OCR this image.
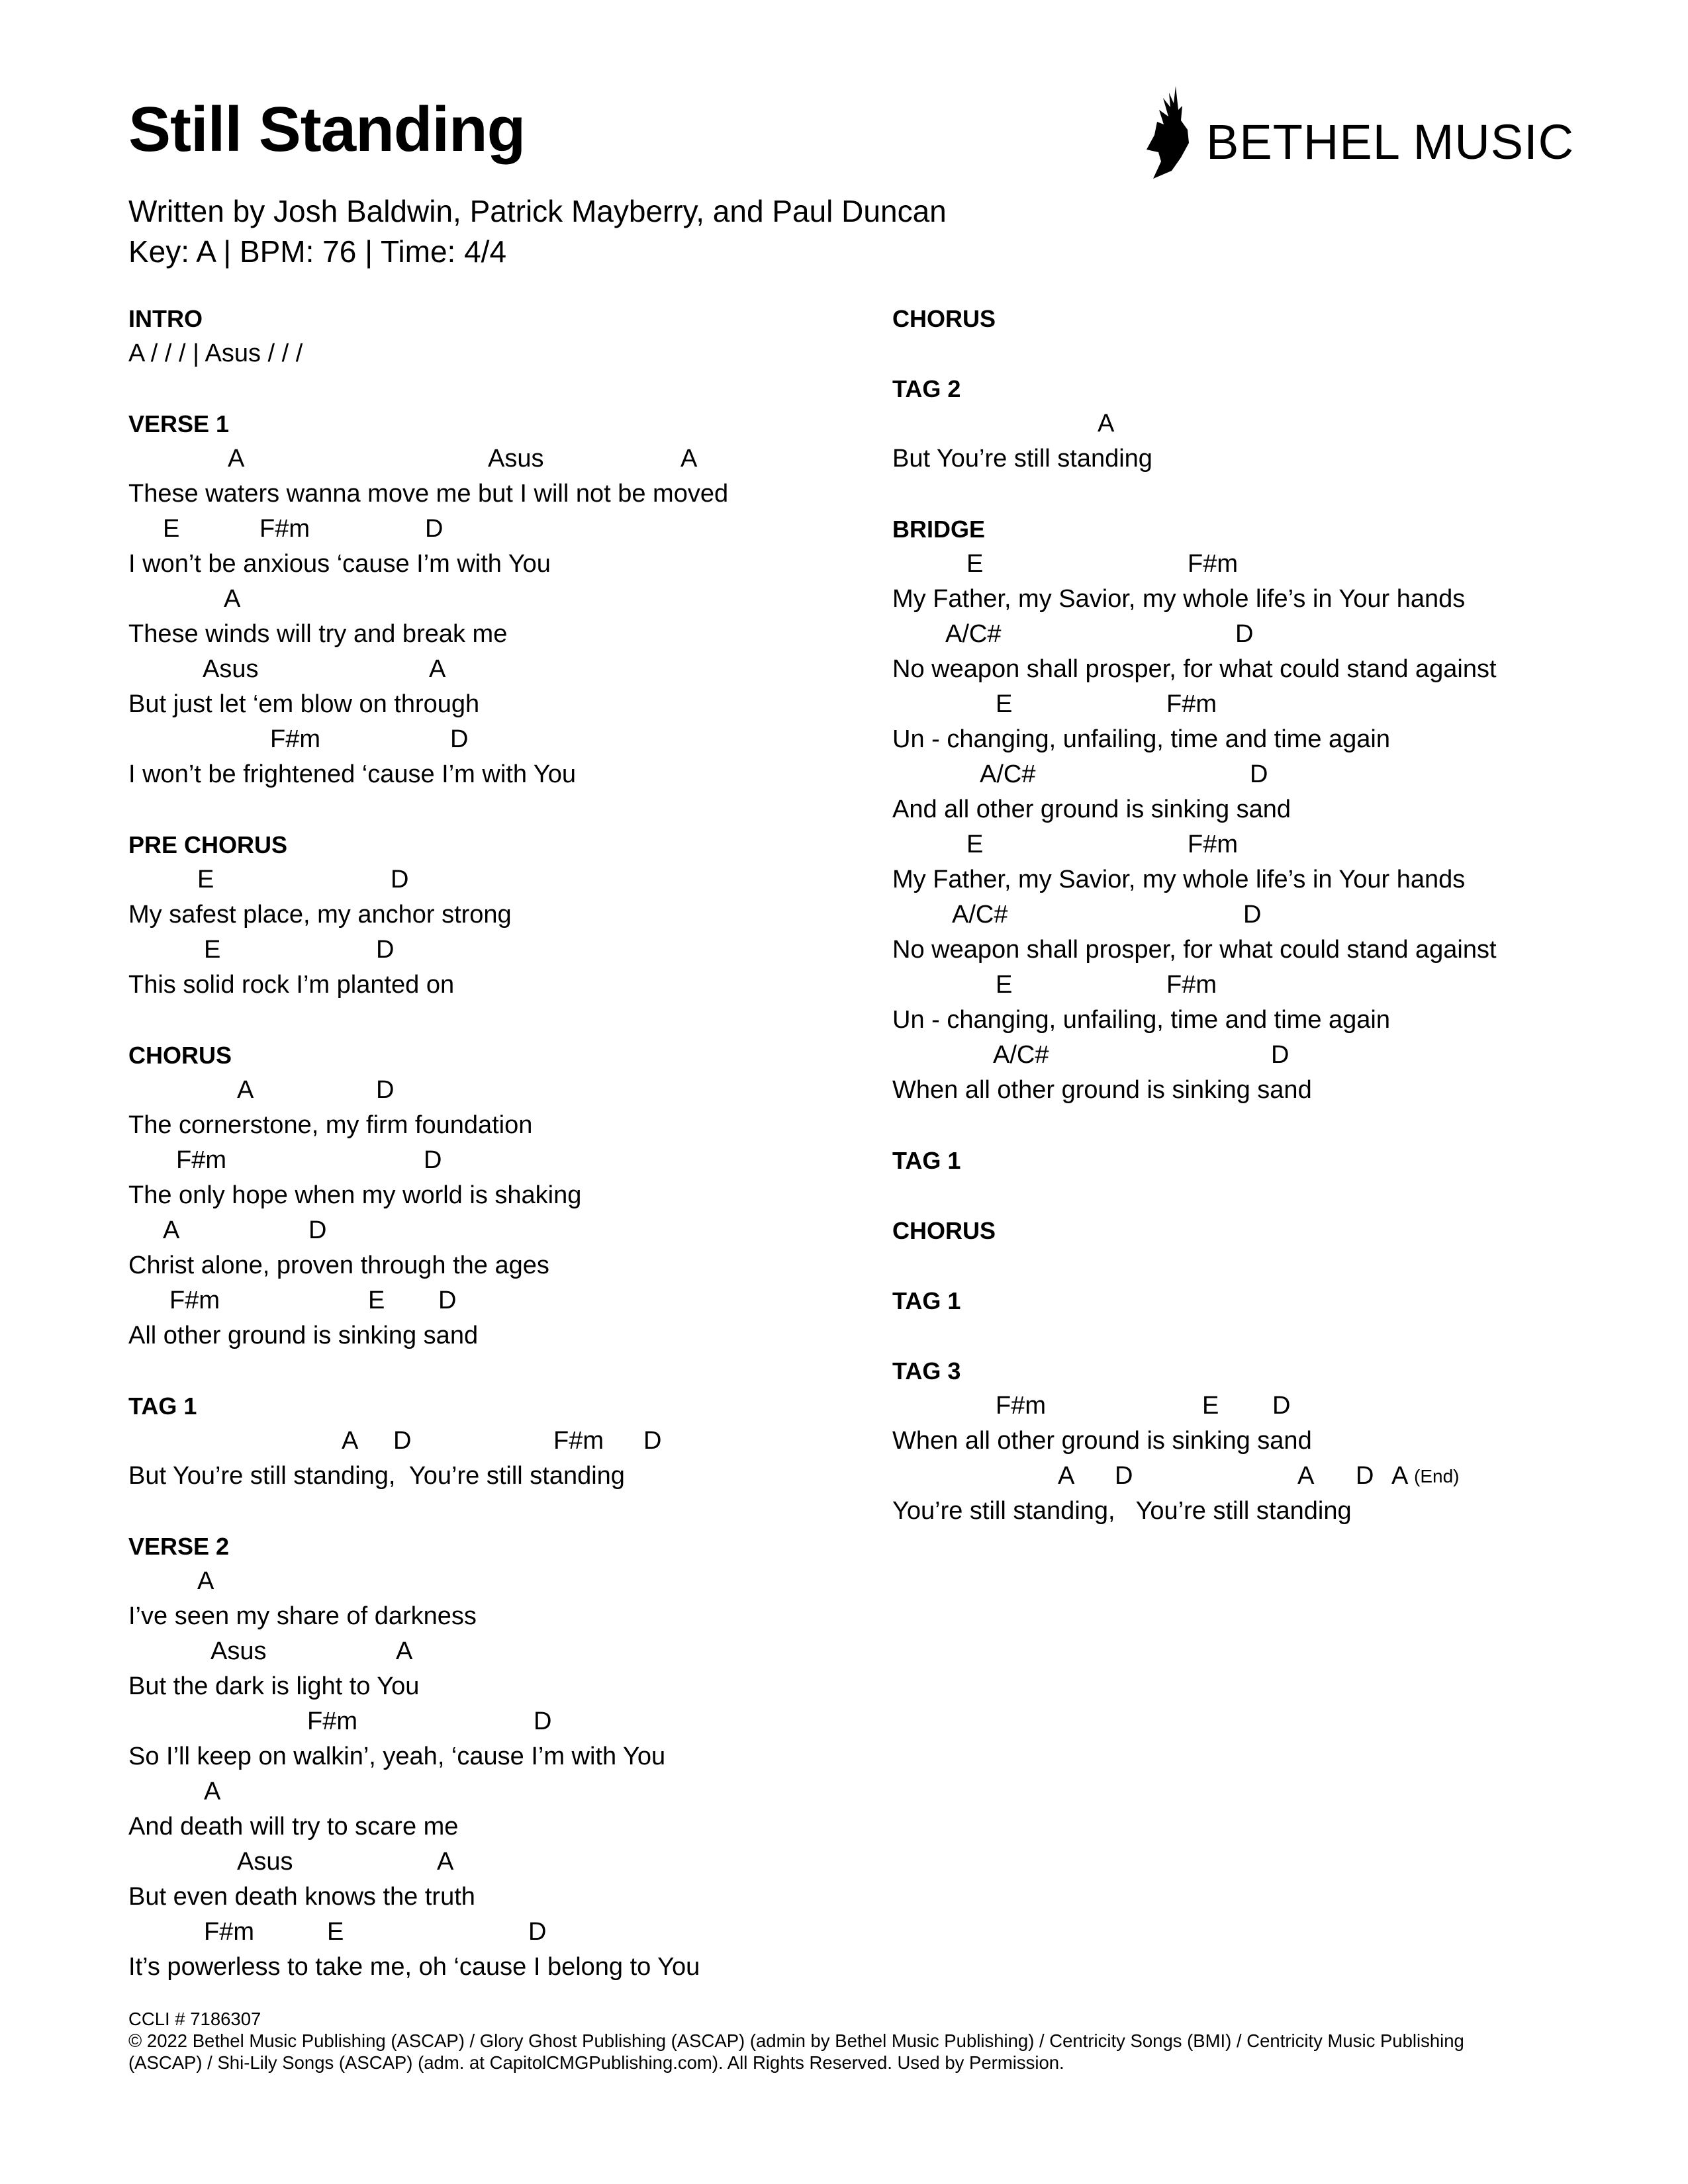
Still Standing
Written by Josh Baldwin, Patrick Mayberry, and Paul Duncan
Key: A | BPM: 76 | Time: 4/4
BETHEL MUSIC
INTRO
A / / / | Asus / / /
VERSE 1

A

	Asus

	A

These waters wanna move me but I will not be moved

E

	F#m

	D

I won’t be anxious ‘cause I’m with You

A

These winds will try and break me

Asus

	A

But just let ‘em blow on through

F#m

	D

I won’t be frightened ‘cause I’m with You
PRE CHORUS

E

	D

My safest place, my anchor strong

E

	D

This solid rock I’m planted on
CHORUS

A

	D

The cornerstone, my firm foundation

F#m

	D

The only hope when my world is shaking

A

	D

Christ alone, proven through the ages

F#m

	E

D

All other ground is sinking sand
TAG 1

A

D

	F#m

D

But You’re still standing,  You’re still standing
VERSE 2

A

I’ve seen my share of darkness

Asus

	A

But the dark is light to You

F#m

	D

So I’ll keep on walkin’, yeah, ‘cause I’m with You

A

And death will try to scare me

Asus

	A

But even death knows the truth

F#m

	E

	D

It’s powerless to take me, oh ‘cause I belong to You
CHORUS
TAG 2

A

But You’re still standing
BRIDGE

E

	F#m

My Father, my Savior, my whole life’s in Your hands

A/C#

	D

No weapon shall prosper, for what could stand against

E

	F#m

Un - changing, unfailing, time and time again

A/C#

	D

And all other ground is sinking sand

E

	F#m

My Father, my Savior, my whole life’s in Your hands

A/C#

	D

No weapon shall prosper, for what could stand against

E

	F#m

Un - changing, unfailing, time and time again

A/C#

	D

When all other ground is sinking sand
TAG 1
CHORUS
TAG 1
TAG 3

F#m

	E

D

When all other ground is sinking sand

A

D

	A

D

A

(End)

You’re still standing,   You’re still standing
CCLI # 7186307
© 2022 Bethel Music Publishing (ASCAP) / Glory Ghost Publishing (ASCAP) (admin by Bethel Music Publishing) / Centricity Songs (BMI) / Centricity Music Publishing
(ASCAP) / Shi-Lily Songs (ASCAP) (adm. at CapitolCMGPublishing.com). All Rights Reserved. Used by Permission.
